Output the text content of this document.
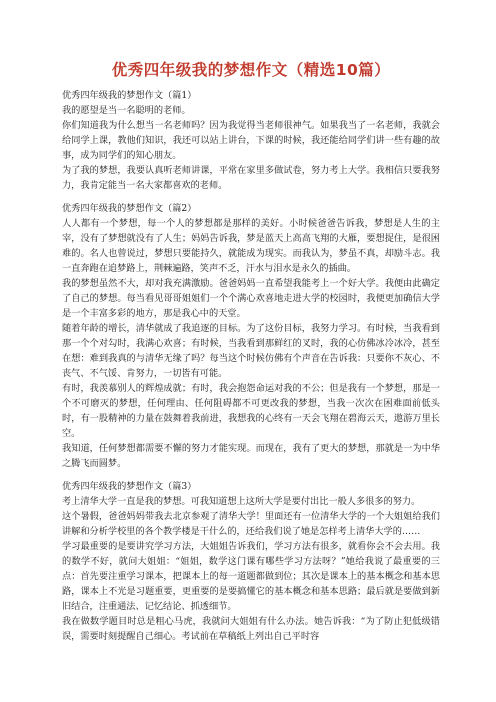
优秀四年级我的梦想作文（精选10篇）
优秀四年级我的梦想作文（篇1）

我的愿望是当一名聪明的老师。

你们知道我为什么想当一名老师吗？因为我觉得当老师很神气。如果我当了一名老师，我就会给同学上课，教他们知识，我还可以站上讲台，下课的时候，我还能给同学们讲一些有趣的故事，成为同学们的知心朋友。

为了我的梦想，我要认真听老师讲课，平常在家里多做试卷，努力考上大学。我相信只要我努力，我肯定能当一名大家都喜欢的老师。

优秀四年级我的梦想作文（篇2）

人人都有一个梦想，每一个人的梦想都是那样的美好。小时候爸爸告诉我，梦想是人生的主宰，没有了梦想就没有了人生；妈妈告诉我，梦是蓝天上高高飞翔的大雁，要想捉住，是很困难的。名人也曾说过，梦想只要能持久，就能成为现实。而我认为，梦虽不真，却励斗志。我一直奔跑在追梦路上，荆棘遍路，笑声不乏，汗水与泪水是永久的插曲。

我的梦想虽然不大，却对我充满激励。爸爸妈妈一直希望我能考上一个好大学。我便由此确定了自己的梦想。每当看见哥哥姐姐们一个个满心欢喜地走进大学的校园时，我便更加确信大学是一个丰富多彩的地方，那是我心中的天堂。

随着年龄的增长，清华就成了我追逐的目标。为了这份目标，我努力学习。有时候，当我看到那一个个对勾时，我满心欢喜；有时候，当我看到那鲜红的叉时，我的心仿佛冰冷冰冷，甚至在想：难到我真的与清华无缘了吗？每当这个时候仿佛有个声音在告诉我：只要你不灰心、不丧气、不气馁、肯努力，一切皆有可能。

有时，我羡慕别人的辉煌成就；有时，我会抱怨命运对我的不公；但是我有一个梦想，那是一个不可磨灭的梦想，任何理由、任何阻碍都不可更改我的梦想，当我一次次在困难面前低头时，有一股精神的力量在鼓舞着我前进，我想我的心终有一天会飞翔在碧海云天，遨游万里长空。

我知道，任何梦想都需要不懈的努力才能实现。而现在，我有了更大的梦想，那就是一为中华之腾飞而圆梦。

优秀四年级我的梦想作文（篇3）

考上清华大学一直是我的梦想。可我知道想上这所大学是要付出比一般人多很多的努力。

这个暑假，爸爸妈妈带我去北京参观了清华大学！里面还有一位清华大学的一个大姐姐给我们讲解和分析学校里的各个教学楼是干什么的，还给我们说了她是怎样考上清华大学的……

学习最重要的是要讲究学习方法，大姐姐告诉我们，学习方法有很多，就看你会不会去用。我的数学不好，就问大姐姐：“姐姐，数学这门课有哪些学习方法呀？”她给我说了最重要的三点：首先要注重学习课本，把课本上的每一道题都做到位；其次是课本上的基本概念和基本思路，课本上不光是习题重要，更重要的是要搞懂它的基本概念和基本思路；最后就是要做到新旧结合，注重通法、记忆结论、抓透细节。

我在做数学题目时总是粗心马虎，我就问大姐姐有什么办法。她告诉我：“为了防止犯低级错误，需要时刻提醒自己细心。考试前在草稿纸上列出自己平时容
